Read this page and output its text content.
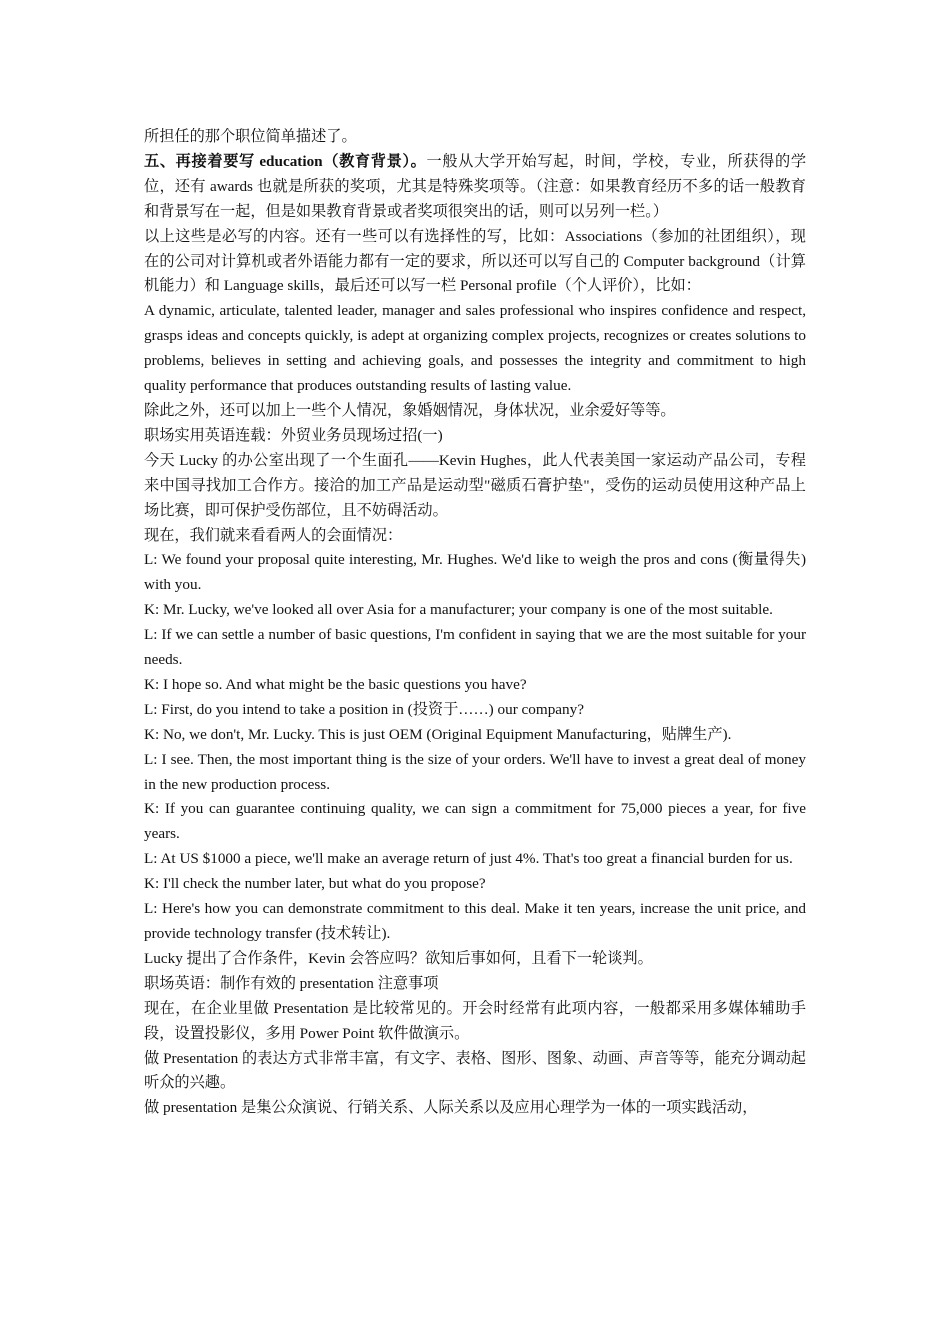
所担任的那个职位简单描述了。

五、再接着要写 education（教育背景）。一般从大学开始写起，时间，学校，专业，所获得的学位，还有 awards 也就是所获的奖项，尤其是特殊奖项等。（注意：如果教育经历不多的话一般教育和背景写在一起，但是如果教育背景或者奖项很突出的话，则可以另列一栏。）

以上这些是必写的内容。还有一些可以有选择性的写，比如：Associations（参加的社团组织），现在的公司对计算机或者外语能力都有一定的要求，所以还可以写自己的 Computer background（计算机能力）和 Language skills，最后还可以写一栏 Personal profile（个人评价），比如：

A dynamic, articulate, talented leader, manager and sales professional who inspires confidence and respect, grasps ideas and concepts quickly, is adept at organizing complex projects, recognizes or creates solutions to problems, believes in setting and achieving goals, and possesses the integrity and commitment to high quality performance that produces outstanding results of lasting value.

除此之外，还可以加上一些个人情况，象婚姻情况，身体状况，业余爱好等等。

职场实用英语连载：外贸业务员现场过招(一)

今天 Lucky 的办公室出现了一个生面孔——Kevin Hughes，此人代表美国一家运动产品公司，专程来中国寻找加工合作方。接洽的加工产品是运动型"磁质石膏护垫"，受伤的运动员使用这种产品上场比赛，即可保护受伤部位，且不妨碍活动。

现在，我们就来看看两人的会面情况：

L: We found your proposal quite interesting, Mr. Hughes. We'd like to weigh the pros and cons (衡量得失) with you.

K: Mr. Lucky, we've looked all over Asia for a manufacturer; your company is one of the most suitable.

L: If we can settle a number of basic questions, I'm confident in saying that we are the most suitable for your needs.

K: I hope so. And what might be the basic questions you have?

L: First, do you intend to take a position in (投资于……) our company?

K: No, we don't, Mr. Lucky. This is just OEM (Original Equipment Manufacturing，贴牌生产).

L: I see. Then, the most important thing is the size of your orders. We'll have to invest a great deal of money in the new production process.

K: If you can guarantee continuing quality, we can sign a commitment for 75,000 pieces a year, for five years.

L: At US $1000 a piece, we'll make an average return of just 4%. That's too great a financial burden for us.

K: I'll check the number later, but what do you propose?

L: Here's how you can demonstrate commitment to this deal. Make it ten years, increase the unit price, and provide technology transfer (技术转让).

Lucky 提出了合作条件，Kevin 会答应吗？欲知后事如何，且看下一轮谈判。

职场英语：制作有效的 presentation 注意事项

现在，在企业里做 Presentation 是比较常见的。开会时经常有此项内容，一般都采用多媒体辅助手段，设置投影仪，多用 Power Point 软件做演示。

做 Presentation 的表达方式非常丰富，有文字、表格、图形、图象、动画、声音等等，能充分调动起听众的兴趣。

做 presentation 是集公众演说、行销关系、人际关系以及应用心理学为一体的一项实践活动，
